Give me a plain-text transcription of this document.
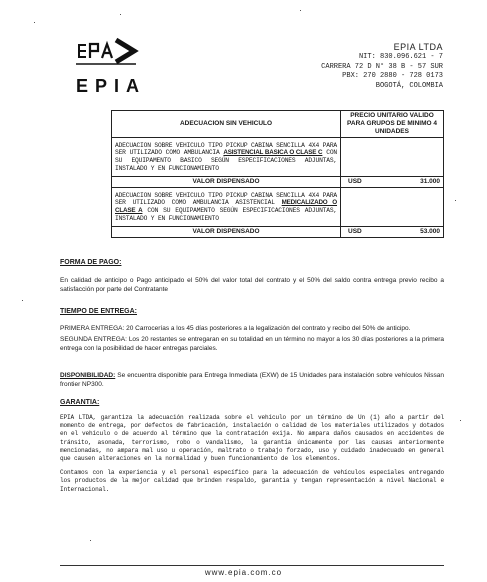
EPIA
EPIA LTDA
NIT: 830.096.621 - 7
CARRERA 72 D N° 38 B - 57 SUR
PBX: 270 2880 - 728 0173
BOGOTÁ, COLOMBIA
ADECUACION SIN VEHICULO	PRECIO UNITARIO VALIDO PARA GRUPOS DE MINIMO 4 UNIDADES
ADECUACION SOBRE VEHICULO TIPO PICKUP CABINA SENCILLA 4X4 PARA SER UTILIZADO COMO AMBULANCIA ASISTENCIAL BASICA O CLASE C CON SU EQUIPAMENTO BASICO SEGÚN ESPECIFICACIONES ADJUNTAS, INSTALADO Y EN FUNCIONAMIENTO	
VALOR DISPENSADO	USD 31.000
ADECUACION SOBRE VEHICULO TIPO PICKUP CABINA SENCILLA 4X4 PARA SER UTILIZADO COMO AMBULANCIA ASISTENCIAL MEDICALIZADO O CLASE A CON SU EQUIPAMENTO SEGÚN ESPECIFICACIONES ADJUNTAS, INSTALADO Y EN FUNCIONAMIENTO	
VALOR DISPENSADO	USD 53.000
FORMA DE PAGO:
En calidad de anticipo o Pago anticipado el 50% del valor total del contrato y el 50% del saldo contra entrega previo recibo a satisfacción por parte del Contratante
TIEMPO DE ENTREGA:
PRIMERA ENTREGA: 20 Carrocerías a los 45 días posteriores a la legalización del contrato y recibo del 50% de anticipo.
SEGUNDA ENTREGA: Los 20 restantes se entregaran en su totalidad en un término no mayor a los 30 días posteriores a la primera entrega con la posibilidad de hacer entregas parciales.
DISPONIBILIDAD: Se encuentra disponible para Entrega Inmediata (EXW) de 15 Unidades para instalación sobre vehículos Nissan frontier NP300.
GARANTIA:
EPIA LTDA, garantiza la adecuación realizada sobre el vehículo por un término de Un (1) año a partir del momento de entrega, por defectos de fabricación, instalación o calidad de los materiales utilizados y dotados en el vehículo o de acuerdo al término que la contratación exija. No ampara daños causados en accidentes de tránsito, asonada, terrorismo, robo o vandalismo, la garantía únicamente por las causas anteriormente mencionadas, no ampara mal uso u operación, maltrato o trabajo forzado, uso y cuidado inadecuado en general que causen alteraciones en la normalidad y buen funcionamiento de los elementos.
Contamos con la experiencia y el personal específico para la adecuación de vehículos especiales entregando los productos de la mejor calidad que brinden respaldo, garantía y tengan representación a nivel Nacional e Internacional.
www.epia.com.co
